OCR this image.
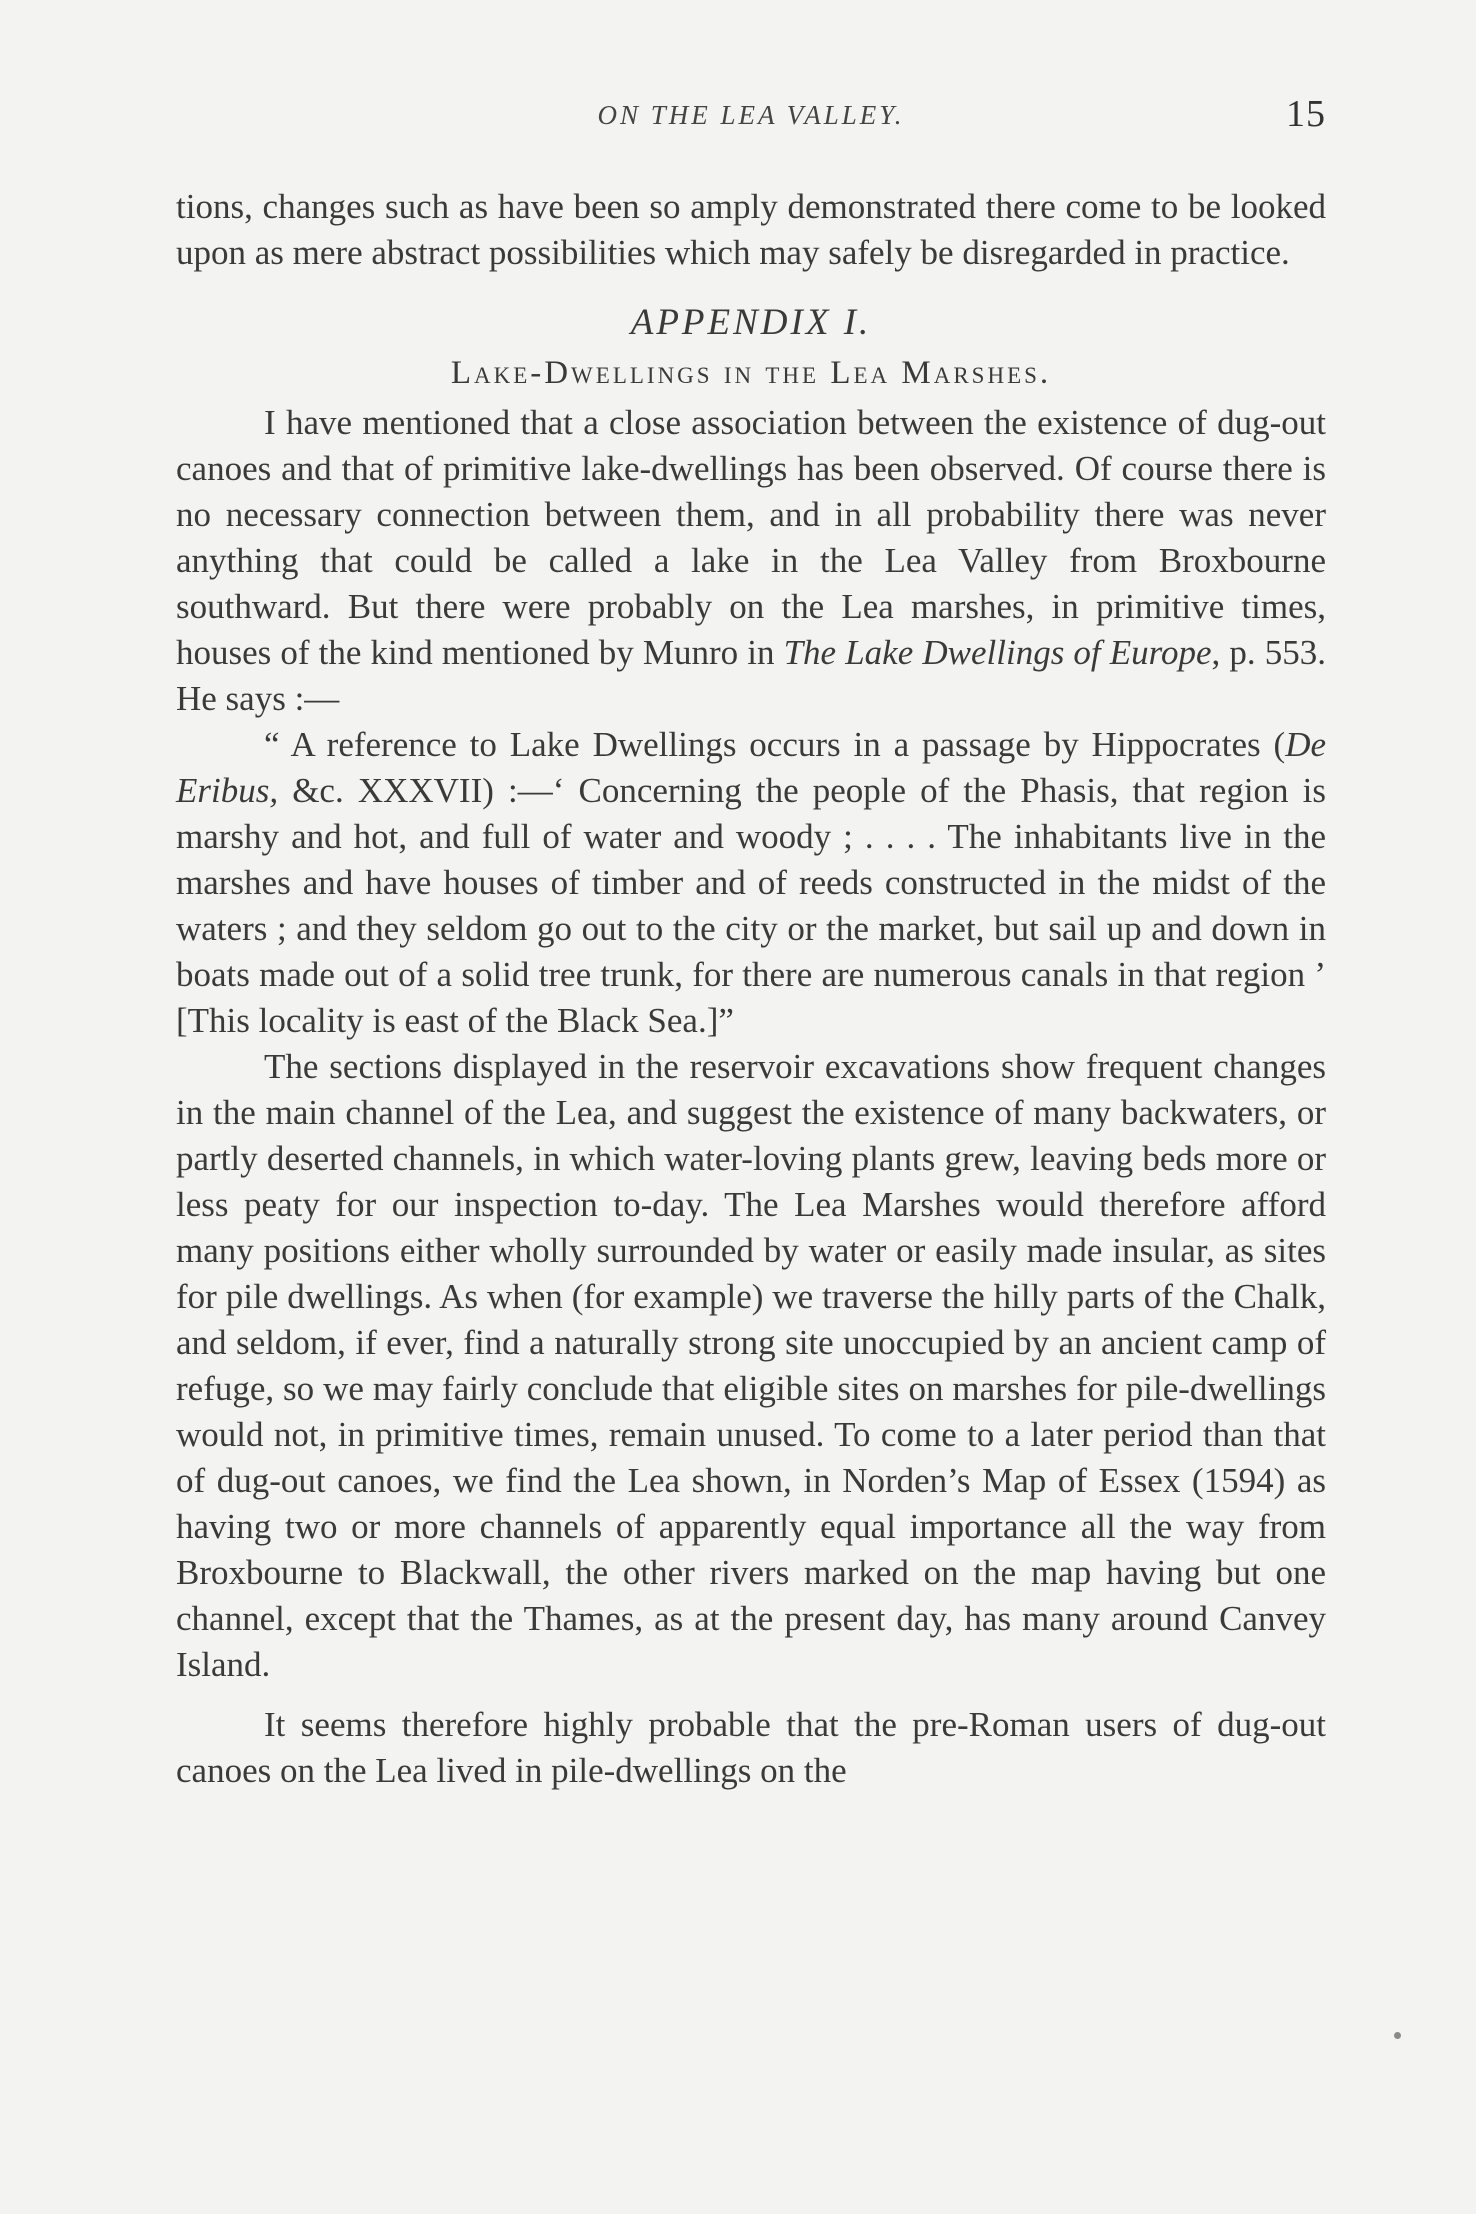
ON THE LEA VALLEY.	15

tions, changes such as have been so amply demonstrated there come to be looked upon as mere abstract possibilities which may safely be disregarded in practice.

APPENDIX I.
Lake-Dwellings in the Lea Marshes.

I have mentioned that a close association between the existence of dug-out canoes and that of primitive lake-dwellings has been observed. Of course there is no necessary connection between them, and in all probability there was never anything that could be called a lake in the Lea Valley from Broxbourne southward. But there were probably on the Lea marshes, in primitive times, houses of the kind mentioned by Munro in The Lake Dwellings of Europe, p. 553. He says :—

“ A reference to Lake Dwellings occurs in a passage by Hippocrates (De Eribus, &c. XXXVII) :—‘ Concerning the people of the Phasis, that region is marshy and hot, and full of water and woody ; . . . . The inhabitants live in the marshes and have houses of timber and of reeds constructed in the midst of the waters ; and they seldom go out to the city or the market, but sail up and down in boats made out of a solid tree trunk, for there are numerous canals in that region ’ [This locality is east of the Black Sea.]”

The sections displayed in the reservoir excavations show frequent changes in the main channel of the Lea, and suggest the existence of many backwaters, or partly deserted channels, in which water-loving plants grew, leaving beds more or less peaty for our inspection to-day. The Lea Marshes would therefore afford many positions either wholly surrounded by water or easily made insular, as sites for pile dwellings. As when (for example) we traverse the hilly parts of the Chalk, and seldom, if ever, find a naturally strong site unoccupied by an ancient camp of refuge, so we may fairly conclude that eligible sites on marshes for pile-dwellings would not, in primitive times, remain unused. To come to a later period than that of dug-out canoes, we find the Lea shown, in Norden’s Map of Essex (1594) as having two or more channels of apparently equal importance all the way from Broxbourne to Blackwall, the other rivers marked on the map having but one channel, except that the Thames, as at the present day, has many around Canvey Island.

It seems therefore highly probable that the pre-Roman users of dug-out canoes on the Lea lived in pile-dwellings on the
